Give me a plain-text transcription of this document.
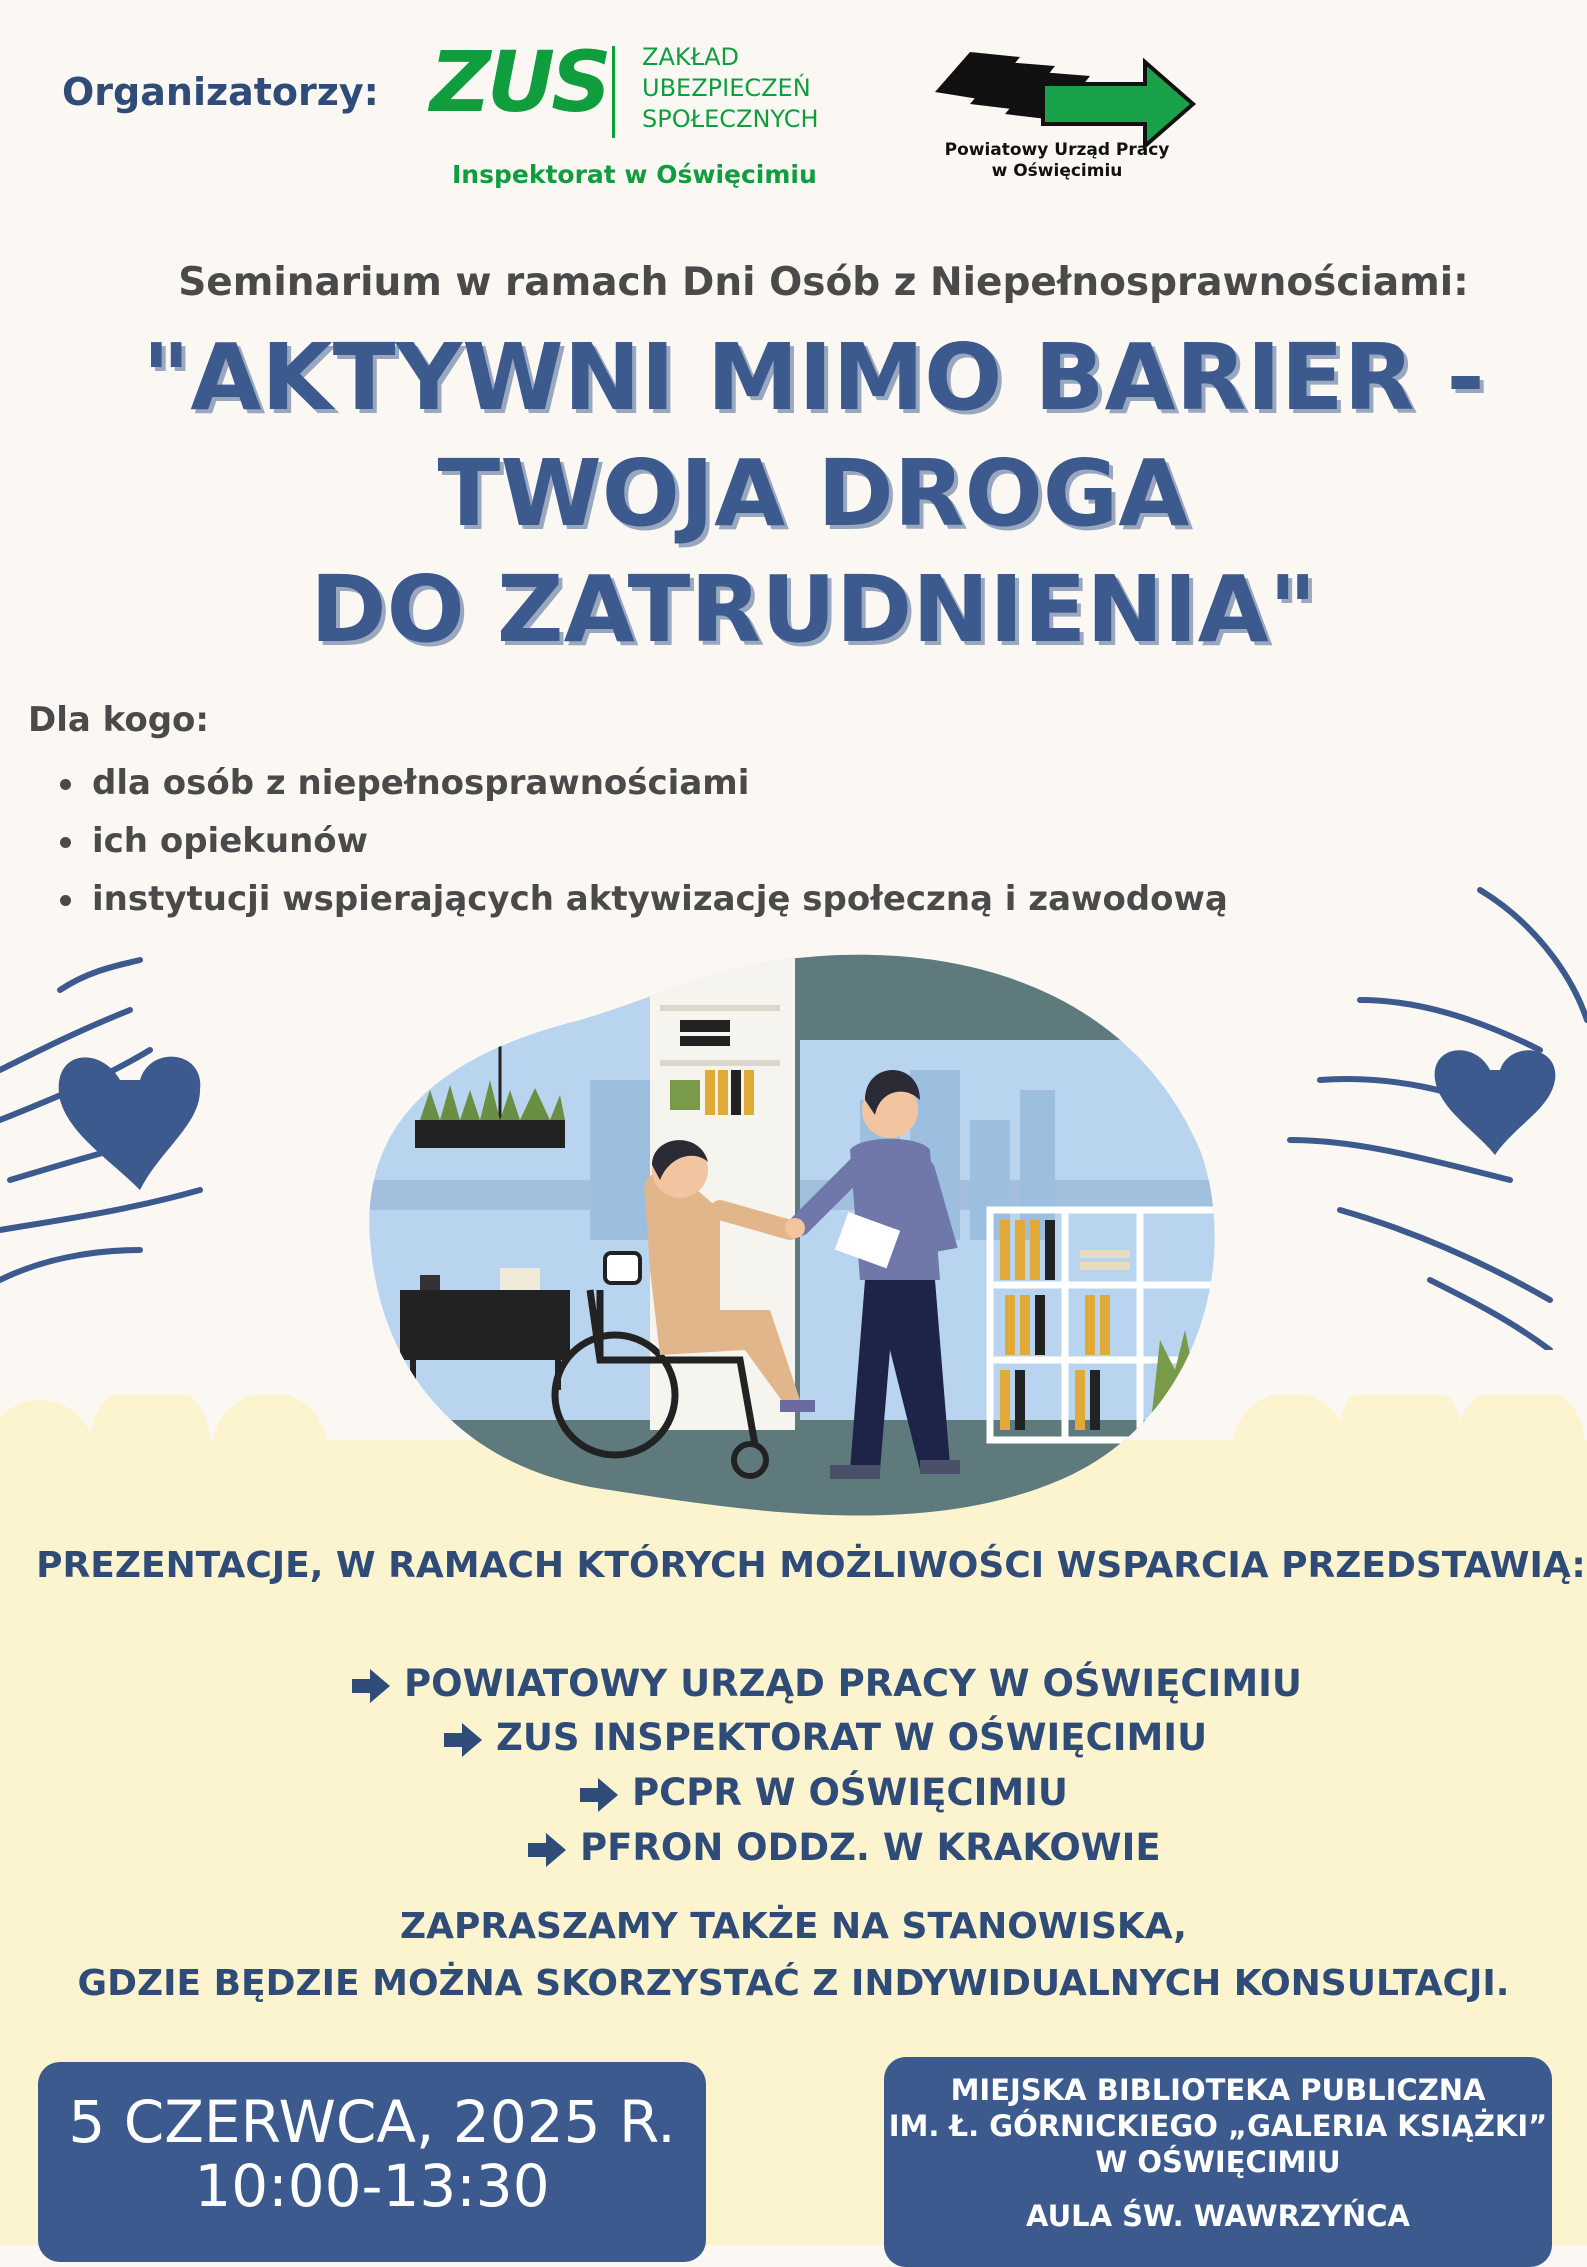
Organizatorzy: ZUS ZAKŁAD
UBEZPIECZEŃ
SPOŁECZNYCH
Inspektorat w Oświęcimiu
Powiatowy Urząd Pracy
w Oświęcimiu
Seminarium w ramach Dni Osób z Niepełnosprawnościami:
"AKTYWNI MIMO BARIER -
TWOJA DROGA
DO ZATRUDNIENIA"
Dla kogo:
dla osób z niepełnosprawnościami
ich opiekunów
instytucji wspierających aktywizację społeczną i zawodową
PREZENTACJE, W RAMACH KTÓRYCH MOŻLIWOŚCI WSPARCIA PRZEDSTAWIĄ:
POWIATOWY URZĄD PRACY W OŚWIĘCIMIU
ZUS INSPEKTORAT W OŚWIĘCIMIU
PCPR W OŚWIĘCIMIU
PFRON ODDZ. W KRAKOWIE
ZAPRASZAMY TAKŻE NA STANOWISKA,
GDZIE BĘDZIE MOŻNA SKORZYSTAĆ Z INDYWIDUALNYCH KONSULTACJI.
5 CZERWCA, 2025 R.
10:00-13:30
MIEJSKA BIBLIOTEKA PUBLICZNA
IM. Ł. GÓRNICKIEGO „GALERIA KSIĄŻKI”
W OŚWIĘCIMIU
AULA ŚW. WAWRZYŃCA
